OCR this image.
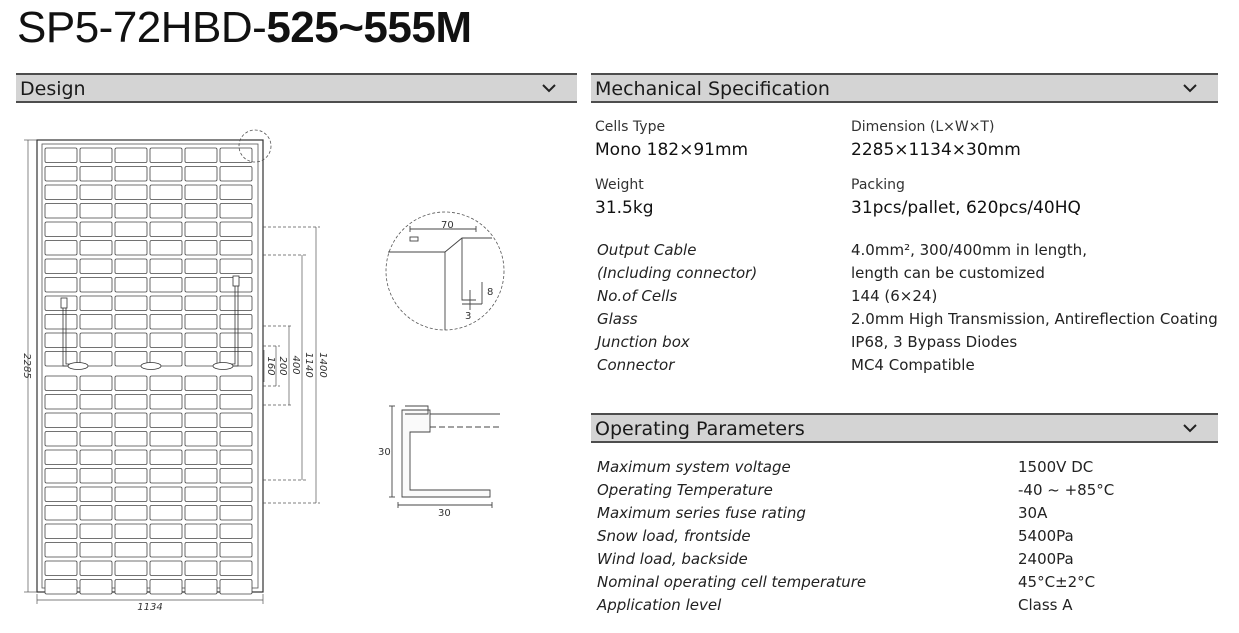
SP5-72HBD-525~555M
Design	Mechanical Specification
Operating Parameters
Cells Type
Mono 182×91mm
Dimension (L×W×T)
2285×1134×30mm
Weight
31.5kg
Packing
31pcs/pallet, 620pcs/40HQ
Output Cable	4.0mm², 300/400mm in length,
(Including connector)	length can be customized
No.of Cells	144 (6×24)
Glass	2.0mm High Transmission, Antireflection Coating
Junction box	IP68, 3 Bypass Diodes
Connector	MC4 Compatible
Maximum system voltage	1500V DC
Operating Temperature	-40 ~ +85°C
Maximum series fuse rating	30A
Snow load, frontside	5400Pa
Wind load, backside	2400Pa
Nominal operating cell temperature	45°C±2°C
Application level	Class A
2285
1134
1400
1140
400
200
160
70
8
3
30
30
